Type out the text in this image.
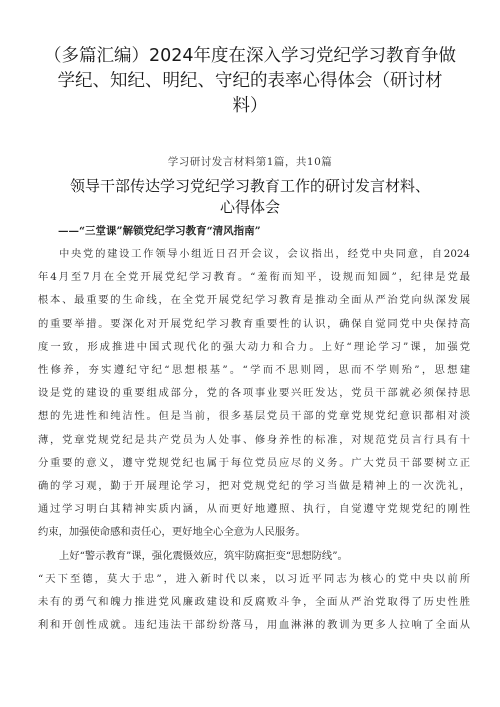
（多篇汇编）2024年度在深入学习党纪学习教育争做
学纪、知纪、明纪、守纪的表率心得体会（研讨材
料）
学习研讨发言材料第1篇，共10篇
领导干部传达学习党纪学习教育工作的研讨发言材料、
心得体会
——“三堂课”解锁党纪学习教育“清风指南”

中央党的建设工作领导小组近日召开会议，会议指出，经党中央同意，自2024
年4月至7月在全党开展党纪学习教育。“羞衔而知平，设规而知圆”，纪律是党最
根本、最重要的生命线，在全党开展党纪学习教育是推动全面从严治党向纵深发展
的重要举措。要深化对开展党纪学习教育重要性的认识，确保自觉同党中央保持高
度一致，形成推进中国式现代化的强大动力和合力。上好“理论学习”课，加强党
性修养，夯实遵纪守纪“思想根基”。“学而不思则罔，思而不学则殆”，思想建
设是党的建设的重要组成部分，党的各项事业要兴旺发达，党员干部就必须保持思
想的先进性和纯洁性。但是当前，很多基层党员干部的党章党规党纪意识都相对淡
薄，党章党规党纪是共产党员为人处事、修身养性的标准，对规范党员言行具有十
分重要的意义，遵守党规党纪也属于每位党员应尽的义务。广大党员干部要树立正
确的学习观，勤于开展理论学习，把对党规党纪的学习当做是精神上的一次洗礼，
通过学习明白其精神实质内涵，从而更好地遵照、执行，自觉遵守党规党纪的刚性
约束，加强使命感和责任心，更好地全心全意为人民服务。

上好“警示教育”课，强化震慑效应，筑牢防腐拒变“思想防线”。

“天下至德，莫大于忠”，进入新时代以来，以习近平同志为核心的党中央以前所
未有的勇气和魄力推进党风廉政建设和反腐败斗争，全面从严治党取得了历史性胜
利和开创性成就。违纪违法干部纷纷落马，用血淋淋的教训为更多人拉响了全面从
